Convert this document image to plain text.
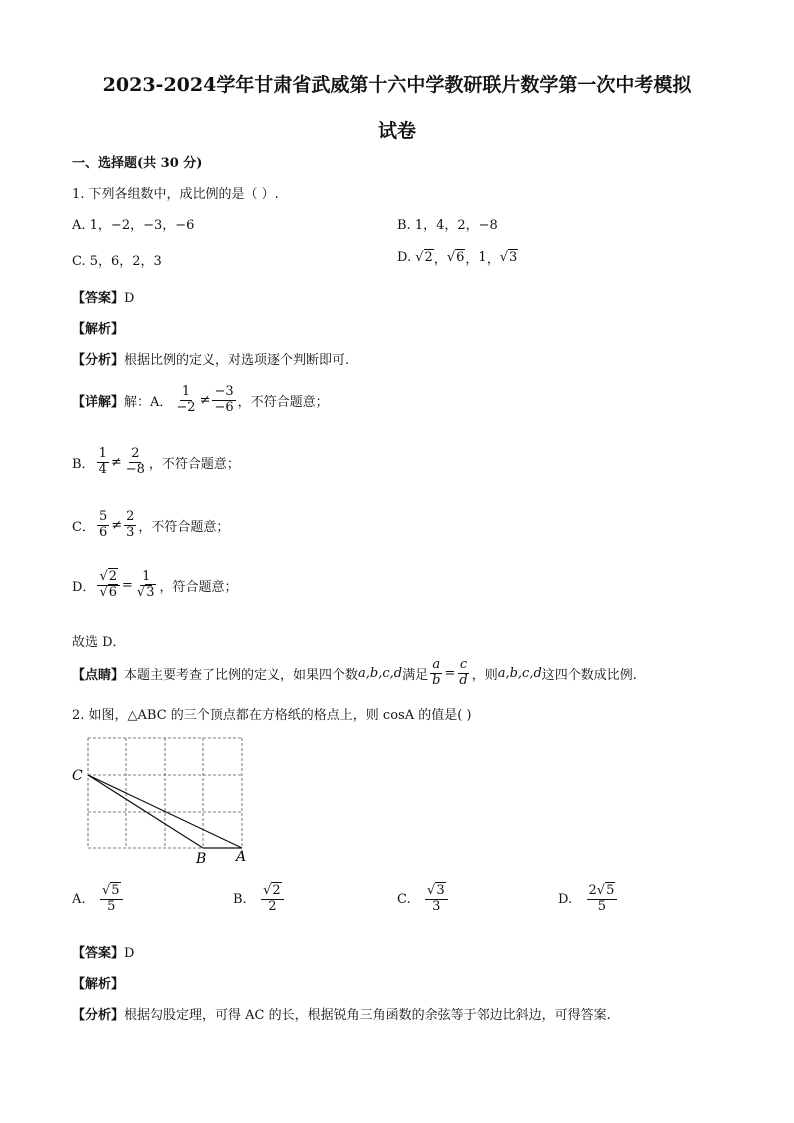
2023-2024学年甘肃省武威第十六中学教研联片数学第一次中考模拟
试卷
一、选择题(共 30 分)
1. 下列各组数中，成比例的是（ ）.
A. 1，−2，−3，−6	B. 1，4，2，−8
C. 5，6，2，3	D.
√2 ， √6 ， 1 ， √3
【答案】D
【解析】
【分析】根据比例的定义，对选项逐个判断即可.
【详解】 解：A． $\frac{1}{-2} \ne \frac{-3}{-6}$ ，不符合题意；
B． $\frac{1}{4} \ne \frac{2}{-8}$ ，不符合题意；
C． $\frac{5}{6} \ne \frac{2}{3}$ ，不符合题意；
D． $\frac{√2}{√6} = \frac{1}{√3}$ ，符合题意；
故选 D．
【点睛】 本题主要考查了比例的定义，如果四个数 a,b,c,d 满足 $\frac{a}{b} = \frac{c}{d}$ ，则 a,b,c,d 这四个数成比例.
2. 如图，△ABC 的三个顶点都在方格纸的格点上，则 cosA 的值是( )
C
B A
A.
$\frac{√5}{5}$	B.
$\frac{√2}{2}$	C.
$\frac{√3}{3}$	D.
$\frac{2√5}{5}$
【答案】D
【解析】
【分析】根据勾股定理，可得 AC 的长，根据锐角三角函数的余弦等于邻边比斜边，可得答案.
